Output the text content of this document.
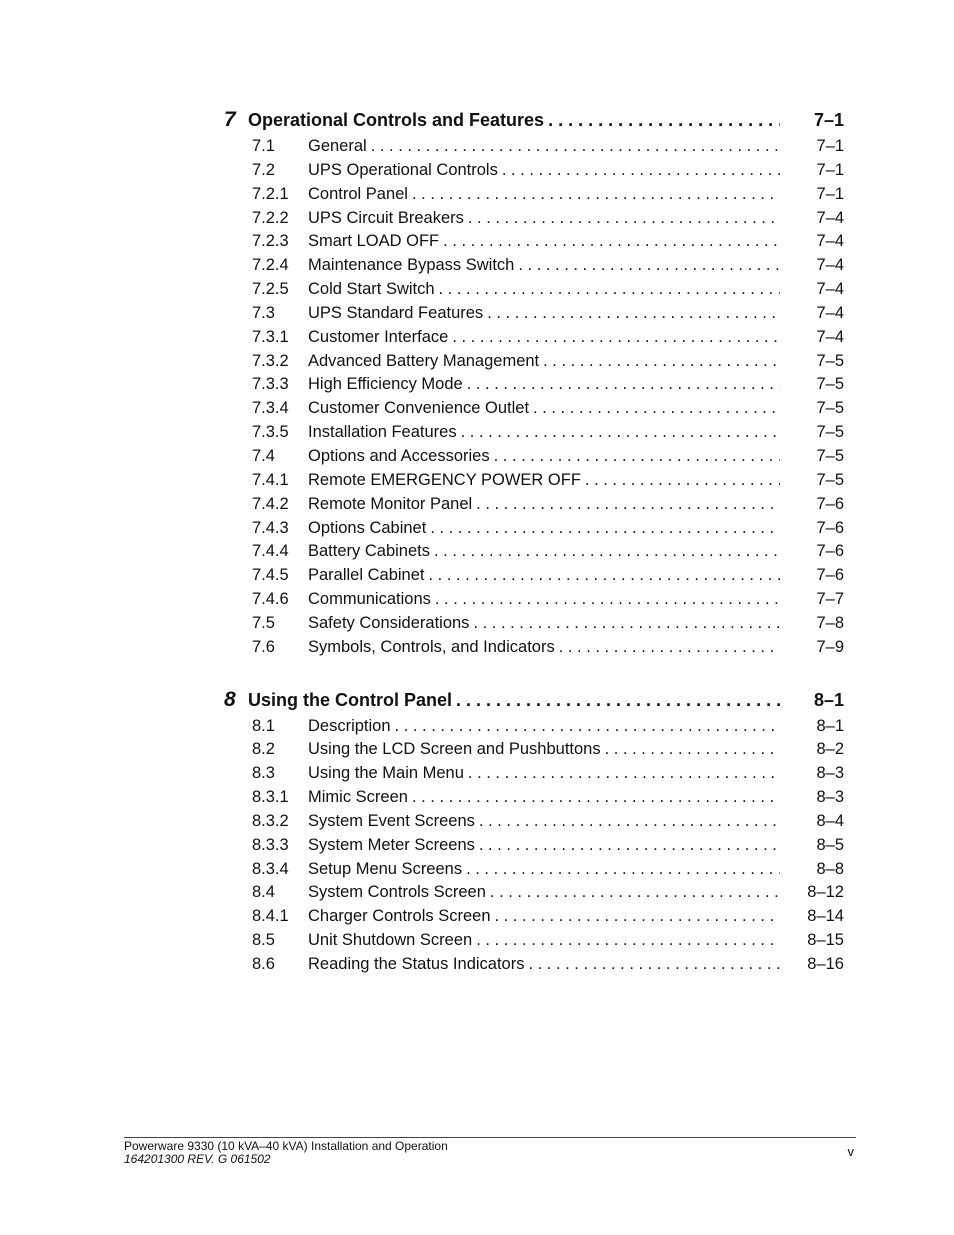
7 Operational Controls and Features . . .	7–1
7.1	General . . .	7–1
7.2	UPS Operational Controls . . .	7–1
7.2.1	Control Panel . . .	7–1
7.2.2	UPS Circuit Breakers . . .	7–4
7.2.3	Smart LOAD OFF . . .	7–4
7.2.4	Maintenance Bypass Switch . . .	7–4
7.2.5	Cold Start Switch . . .	7–4
7.3	UPS Standard Features . . .	7–4
7.3.1	Customer Interface . . .	7–4
7.3.2	Advanced Battery Management . . .	7–5
7.3.3	High Efficiency Mode . . .	7–5
7.3.4	Customer Convenience Outlet . . .	7–5
7.3.5	Installation Features . . .	7–5
7.4	Options and Accessories . . .	7–5
7.4.1	Remote EMERGENCY POWER OFF . . .	7–5
7.4.2	Remote Monitor Panel . . .	7–6
7.4.3	Options Cabinet . . .	7–6
7.4.4	Battery Cabinets . . .	7–6
7.4.5	Parallel Cabinet . . .	7–6
7.4.6	Communications . . .	7–7
7.5	Safety Considerations . . .	7–8
7.6	Symbols, Controls, and Indicators . . .	7–9
8 Using the Control Panel . . .	8–1
8.1	Description . . .	8–1
8.2	Using the LCD Screen and Pushbuttons . . .	8–2
8.3	Using the Main Menu . . .	8–3
8.3.1	Mimic Screen . . .	8–3
8.3.2	System Event Screens . . .	8–4
8.3.3	System Meter Screens . . .	8–5
8.3.4	Setup Menu Screens . . .	8–8
8.4	System Controls Screen . . .	8–12
8.4.1	Charger Controls Screen . . .	8–14
8.5	Unit Shutdown Screen . . .	8–15
8.6	Reading the Status Indicators . . .	8–16
Powerware 9330 (10 kVA–40 kVA) Installation and Operation
164201300 REV. G 061502	v
